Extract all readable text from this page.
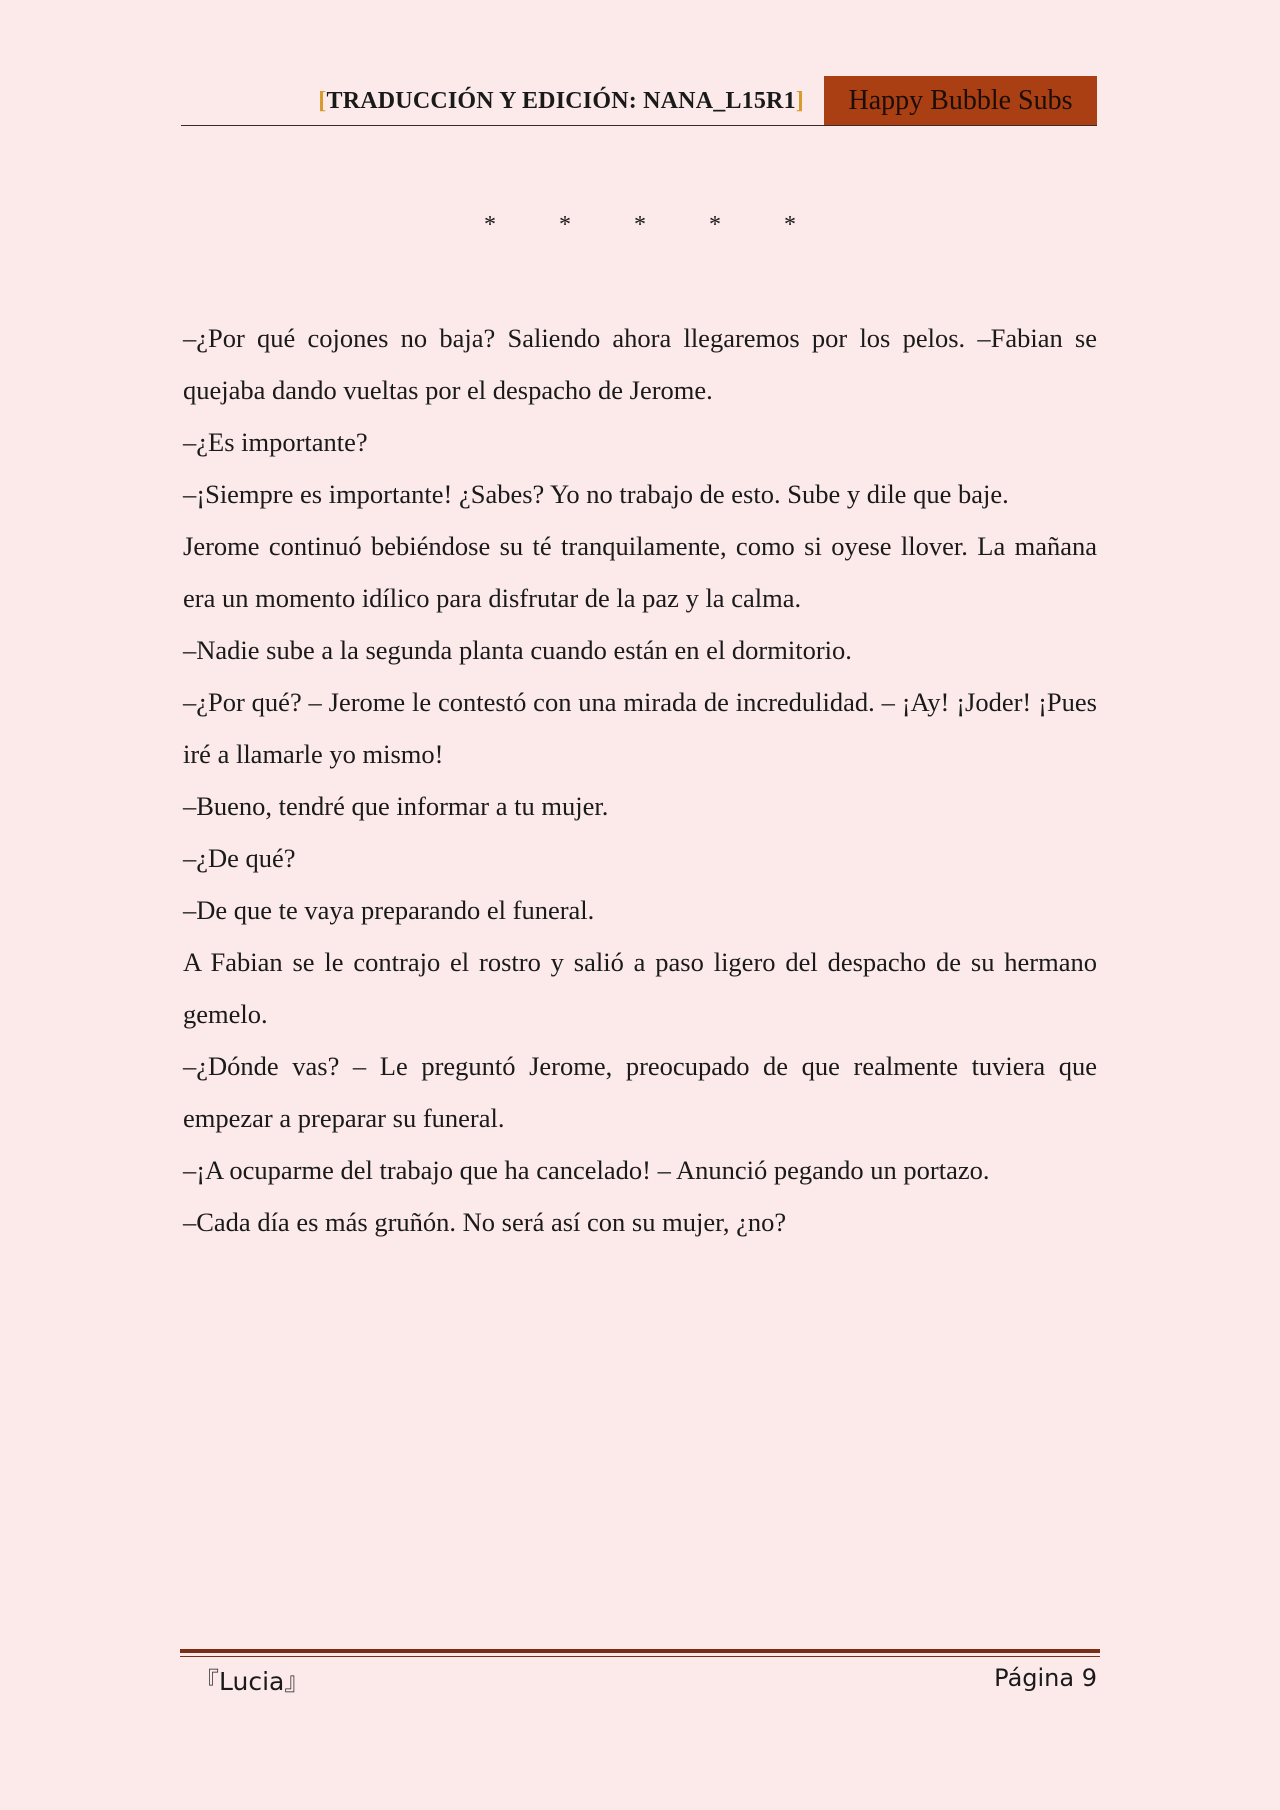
[TRADUCCIÓN Y EDICIÓN: NANA_L15R1]	Happy Bubble Subs
*	*	*	*	*

–¿Por qué cojones no baja? Saliendo ahora llegaremos por los pelos. –Fabian se quejaba dando vueltas por el despacho de Jerome.

–¿Es importante?

–¡Siempre es importante! ¿Sabes? Yo no trabajo de esto. Sube y dile que baje.

Jerome continuó bebiéndose su té tranquilamente, como si oyese llover. La mañana era un momento idílico para disfrutar de la paz y la calma.

–Nadie sube a la segunda planta cuando están en el dormitorio.

–¿Por qué? – Jerome le contestó con una mirada de incredulidad. – ¡Ay! ¡Joder! ¡Pues iré a llamarle yo mismo!

–Bueno, tendré que informar a tu mujer.

–¿De qué?

–De que te vaya preparando el funeral.

A Fabian se le contrajo el rostro y salió a paso ligero del despacho de su hermano gemelo.

–¿Dónde vas? – Le preguntó Jerome, preocupado de que realmente tuviera que empezar a preparar su funeral.

–¡A ocuparme del trabajo que ha cancelado! – Anunció pegando un portazo.

–Cada día es más gruñón. No será así con su mujer, ¿no?

『Lucia』	Página 9
